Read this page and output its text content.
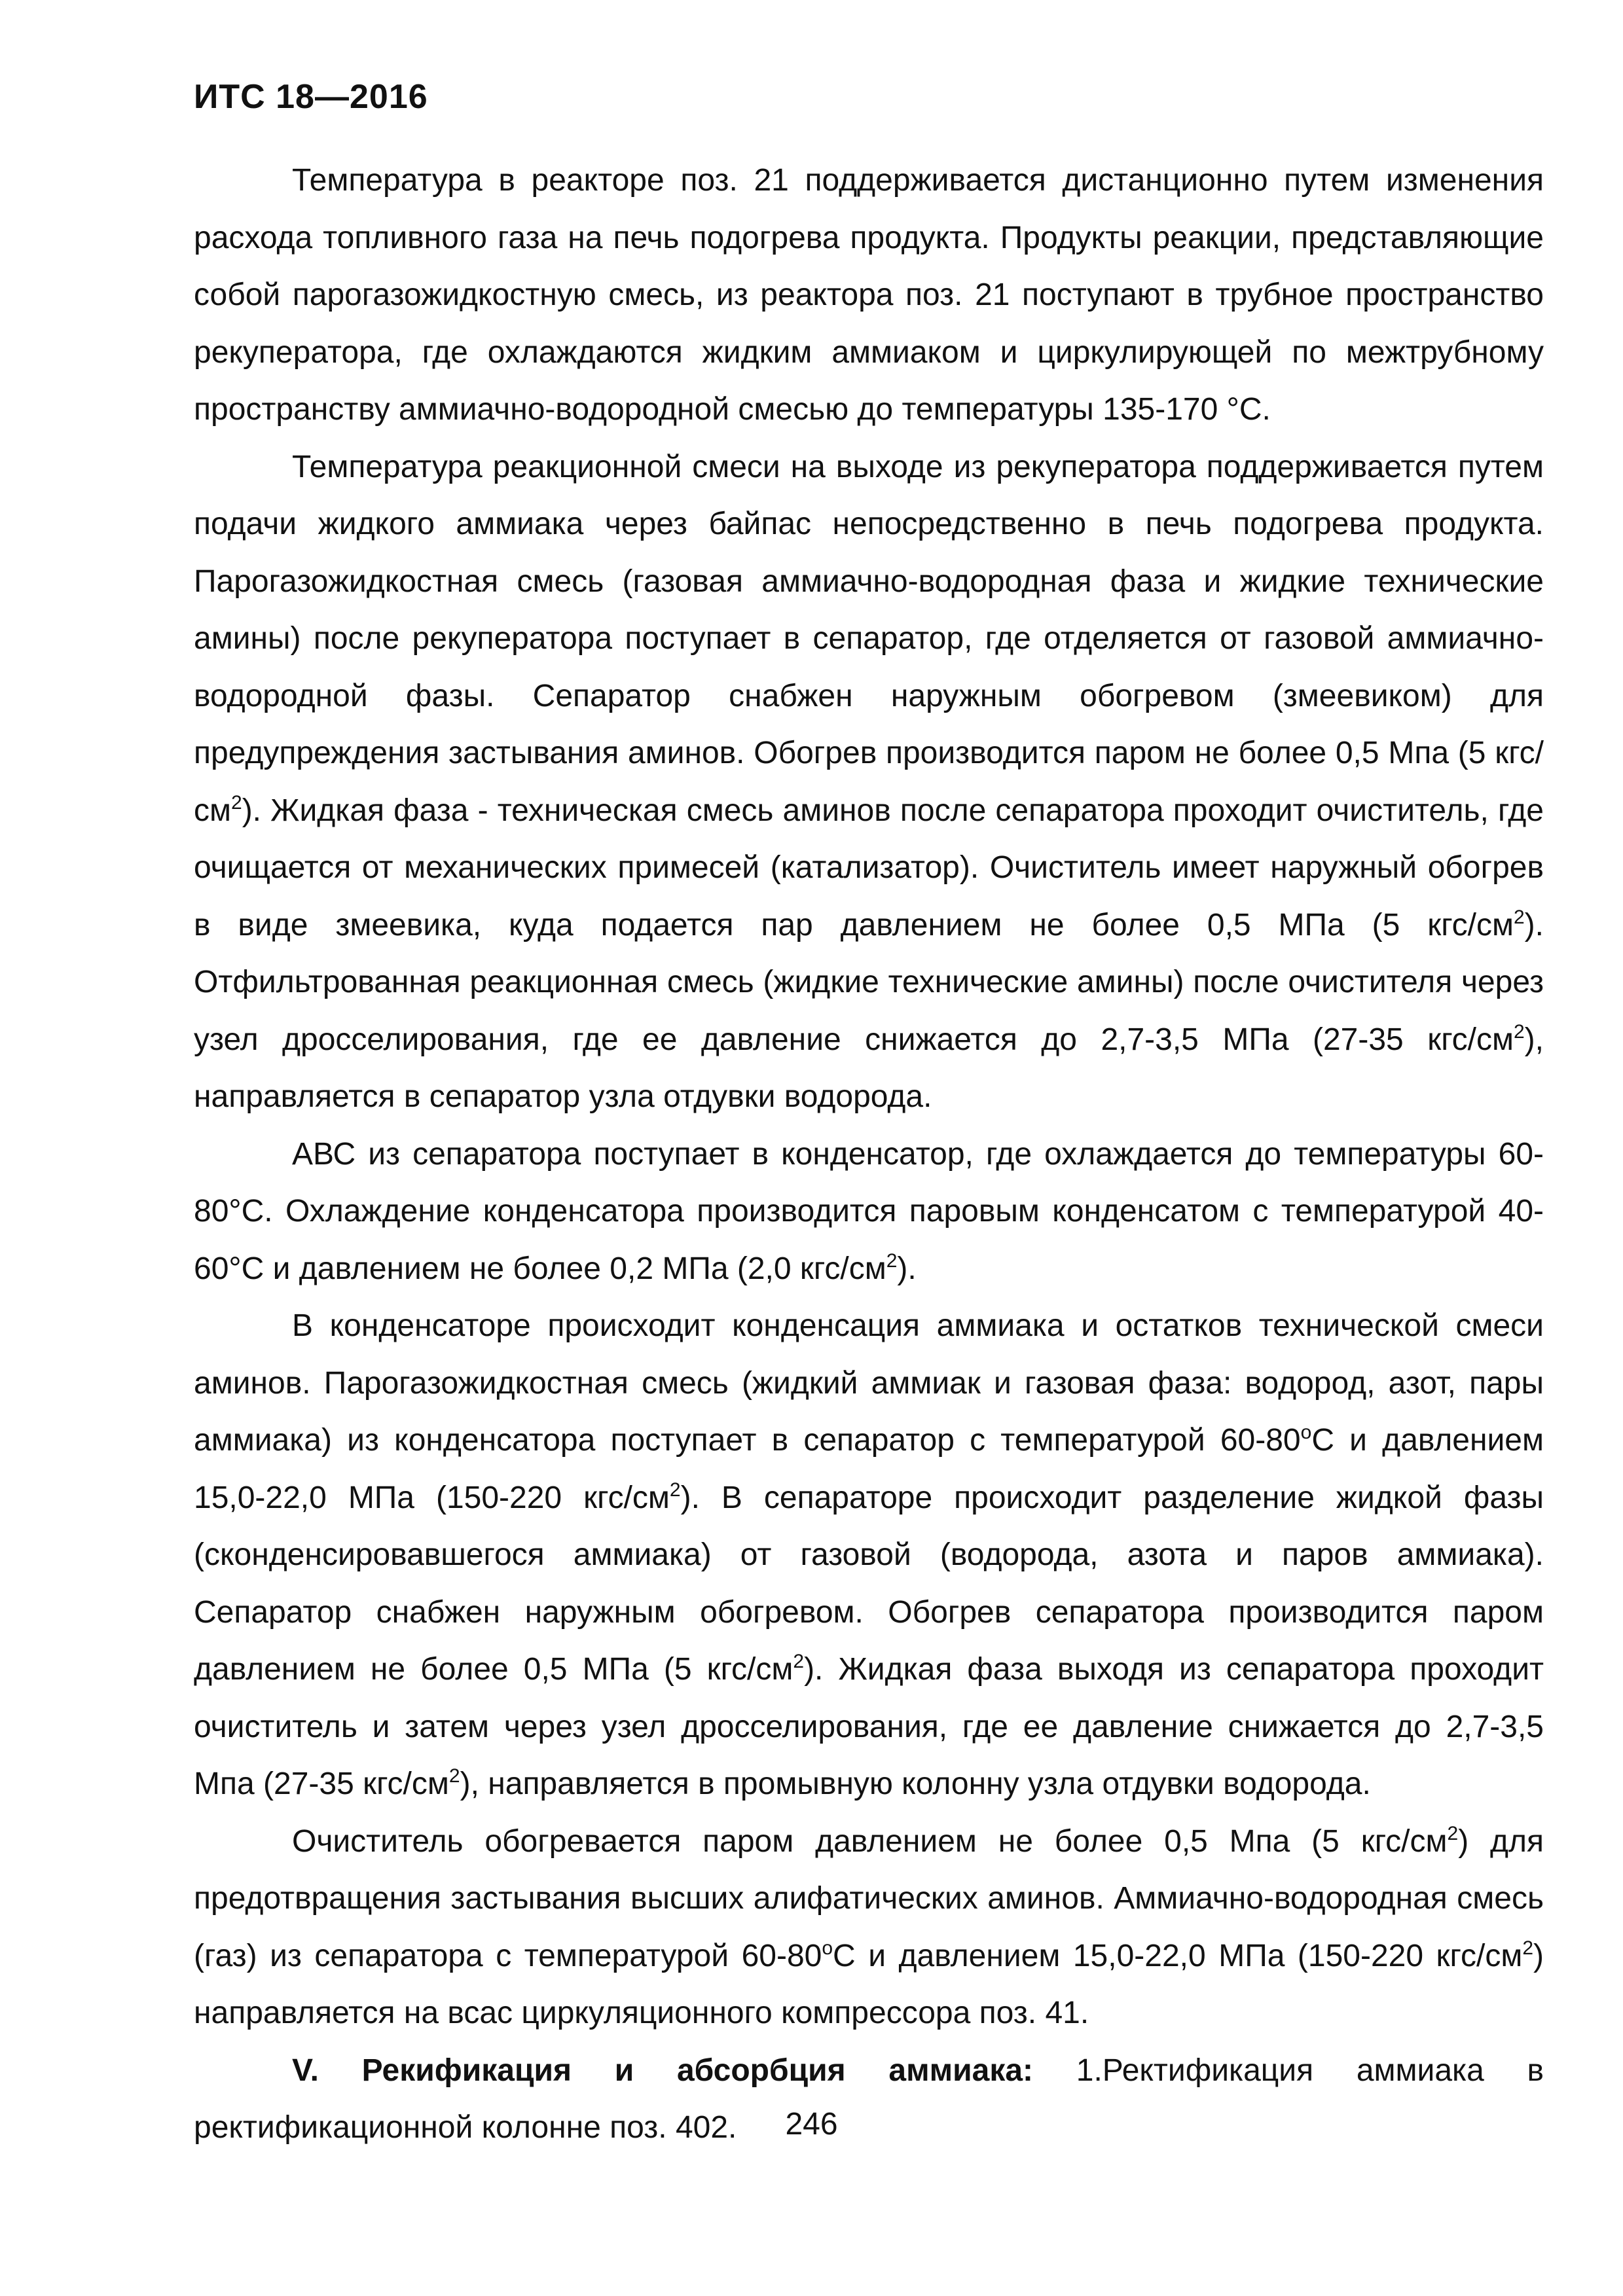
ИТС 18—2016

Температура в реакторе поз. 21 поддерживается дистанционно путем изменения расхода топливного газа на печь подогрева продукта. Продукты реакции, представляющие собой парогазожидкостную смесь, из реактора поз. 21 поступают в трубное пространство рекуператора, где охлаждаются жидким аммиаком и циркулирующей по межтрубному пространству аммиачно-водородной смесью до температуры 135-170 °С.

Температура реакционной смеси на выходе из рекуператора поддерживается путем подачи жидкого аммиака через байпас непосредственно в печь подогрева продукта. Парогазожидкостная смесь (газовая аммиачно-водородная фаза и жидкие технические амины) после рекуператора поступает в сепаратор, где отделяется от газовой аммиачно-водородной фазы. Сепаратор снабжен наружным обогревом (змеевиком) для предупреждения застывания аминов. Обогрев производится паром не более 0,5 Мпа (5 кгс/$см^2$). Жидкая фаза - техническая смесь аминов после сепаратора проходит очиститель, где очищается от механических примесей (катализатор). Очиститель имеет наружный обогрев в виде змеевика, куда подается пар давлением не более 0,5 МПа (5 кгс/$см^2$). Отфильтрованная реакционная смесь (жидкие технические амины) после очистителя через узел дросселирования, где ее давление снижается до 2,7-3,5 МПа (27-35 кгс/$см^2$), направляется в сепаратор узла отдувки водорода.

АВС из сепаратора поступает в конденсатор, где охлаждается до температуры 60-80°С. Охлаждение конденсатора производится паровым конденсатом с температурой 40-60°С и давлением не более 0,2 МПа (2,0 кгс/$см^2$).

В конденсаторе происходит конденсация аммиака и остатков технической смеси аминов. Парогазожидкостная смесь (жидкий аммиак и газовая фаза: водород, азот, пары аммиака) из конденсатора поступает в сепаратор с температурой $60-80^оС$ и давлением 15,0-22,0 МПа (150-220 кгс/$см^2$). В сепараторе происходит разделение жидкой фазы (сконденсировавшегося аммиака) от газовой (водорода, азота и паров аммиака). Сепаратор снабжен наружным обогревом. Обогрев сепаратора производится паром давлением не более 0,5 МПа (5 кгс/$см^2$). Жидкая фаза выходя из сепаратора проходит очиститель и затем через узел дросселирования, где ее давление снижается до 2,7-3,5 Мпа (27-35 кгс/$см^2$), направляется в промывную колонну узла отдувки водорода.

Очиститель обогревается паром давлением не более 0,5 Мпа (5 кгс/$см^2$) для предотвращения застывания высших алифатических аминов. Аммиачно-водородная смесь (газ) из сепаратора с температурой $60-80^оС$ и давлением 15,0-22,0 МПа (150-220 кгс/$см^2$) направляется на всас циркуляционного компрессора поз. 41.

V. Рекификация и абсорбция аммиака: 1.Ректификация аммиака в ректификационной колонне поз. 402.	246
